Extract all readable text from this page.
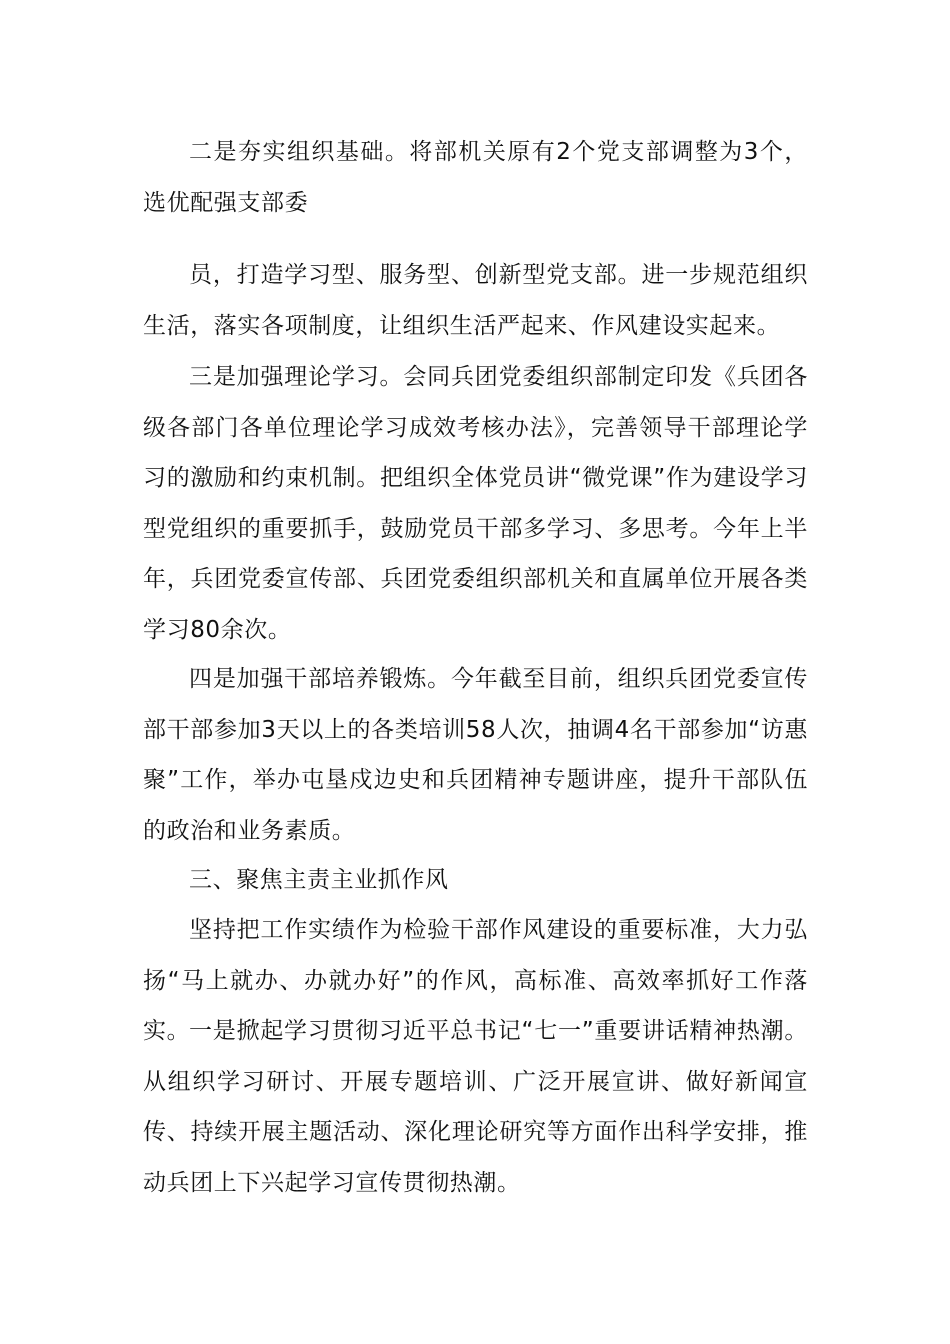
二是夯实组织基础。将部机关原有2个党支部调整为3个，选优配强支部委

员，打造学习型、服务型、创新型党支部。进一步规范组织生活，落实各项制度，让组织生活严起来、作风建设实起来。

三是加强理论学习。会同兵团党委组织部制定印发《兵团各级各部门各单位理论学习成效考核办法》，完善领导干部理论学习的激励和约束机制。把组织全体党员讲“微党课”作为建设学习型党组织的重要抓手，鼓励党员干部多学习、多思考。今年上半年，兵团党委宣传部、兵团党委组织部机关和直属单位开展各类学习80余次。

四是加强干部培养锻炼。今年截至目前，组织兵团党委宣传部干部参加3天以上的各类培训58人次，抽调4名干部参加“访惠聚”工作，举办屯垦戍边史和兵团精神专题讲座，提升干部队伍的政治和业务素质。

三、聚焦主责主业抓作风

坚持把工作实绩作为检验干部作风建设的重要标准，大力弘扬“马上就办、办就办好”的作风，高标准、高效率抓好工作落实。

一是掀起学习贯彻习近平总书记“七一”重要讲话精神热潮。从组织学习研讨、开展专题培训、广泛开展宣讲、做好新闻宣传、持续开展主题活动、深化理论研究等方面作出科学安排，推动兵团上下兴起学习宣传贯彻热潮。
